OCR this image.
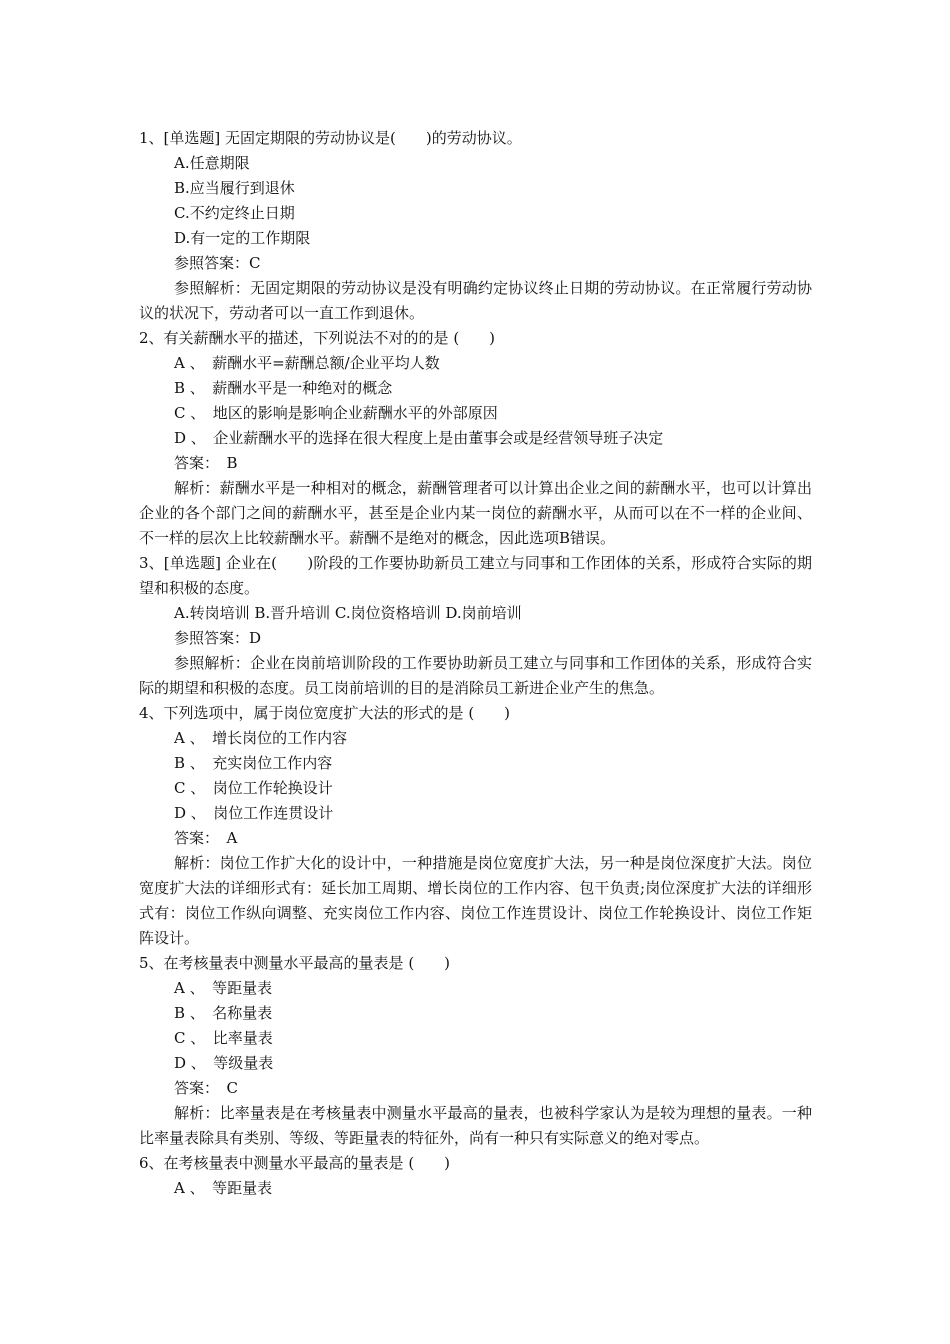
1、[单选题] 无固定期限的劳动协议是(　　)的劳动协议。
A.任意期限
B.应当履行到退休
C.不约定终止日期
D.有一定的工作期限
参照答案：C
参照解析：无固定期限的劳动协议是没有明确约定协议终止日期的劳动协议。在正常履行劳动协议的状况下，劳动者可以一直工作到退休。
2、有关薪酬水平的描述，下列说法不对的的是 (　　)
A 、　薪酬水平=薪酬总额/企业平均人数
B 、　薪酬水平是一种绝对的概念
C 、　地区的影响是影响企业薪酬水平的外部原因
D 、　企业薪酬水平的选择在很大程度上是由董事会或是经营领导班子决定
答案：　B
解析：薪酬水平是一种相对的概念，薪酬管理者可以计算出企业之间的薪酬水平，也可以计算出企业的各个部门之间的薪酬水平，甚至是企业内某一岗位的薪酬水平，从而可以在不一样的企业间、不一样的层次上比较薪酬水平。薪酬不是绝对的概念，因此选项B错误。
3、[单选题] 企业在(　　)阶段的工作要协助新员工建立与同事和工作团体的关系，形成符合实际的期望和积极的态度。
A.转岗培训 B.晋升培训 C.岗位资格培训 D.岗前培训
参照答案：D
参照解析：企业在岗前培训阶段的工作要协助新员工建立与同事和工作团体的关系，形成符合实际的期望和积极的态度。员工岗前培训的目的是消除员工新进企业产生的焦急。
4、下列选项中，属于岗位宽度扩大法的形式的是 (　　)
A 、　增长岗位的工作内容
B 、　充实岗位工作内容
C 、　岗位工作轮换设计
D 、　岗位工作连贯设计
答案：　A
解析：岗位工作扩大化的设计中，一种措施是岗位宽度扩大法，另一种是岗位深度扩大法。岗位宽度扩大法的详细形式有：延长加工周期、增长岗位的工作内容、包干负责;岗位深度扩大法的详细形式有：岗位工作纵向调整、充实岗位工作内容、岗位工作连贯设计、岗位工作轮换设计、岗位工作矩阵设计。
5、在考核量表中测量水平最高的量表是 (　　)
A 、　等距量表
B 、　名称量表
C 、　比率量表
D 、　等级量表
答案：　C
解析：比率量表是在考核量表中测量水平最高的量表，也被科学家认为是较为理想的量表。一种比率量表除具有类别、等级、等距量表的特征外，尚有一种只有实际意义的绝对零点。
6、在考核量表中测量水平最高的量表是 (　　)
A 、　等距量表
